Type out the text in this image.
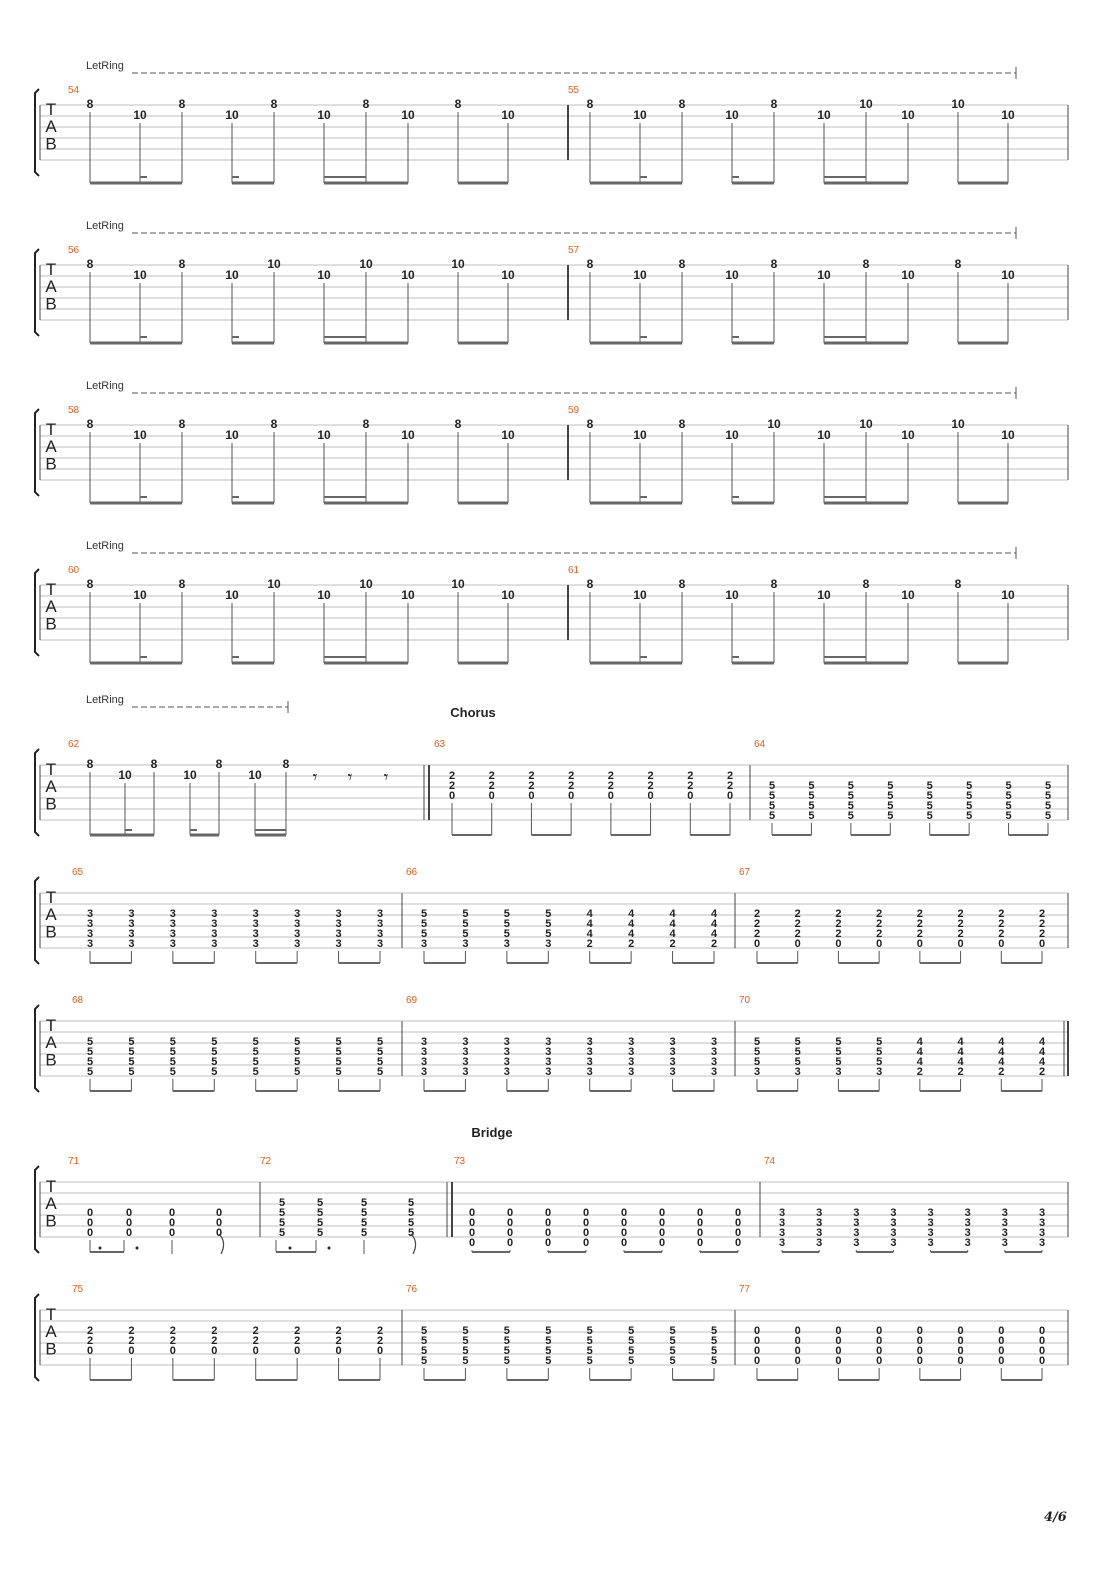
LetRing
T
A
B
54
8
10
8
10
8
10
8
10
8
10
55
8
10
8
10
8
10
10
10
10
10
LetRing
T
A
B
56
8
10
8
10
10
10
10
10
10
10
57
8
10
8
10
8
10
8
10
8
10
LetRing
T
A
B
58
8
10
8
10
8
10
8
10
8
10
59
8
10
8
10
10
10
10
10
10
10
LetRing
T
A
B
60
8
10
8
10
10
10
10
10
10
10
61
8
10
8
10
8
10
8
10
8
10
LetRing
Chorus
T
A
B
62
8
10
8
10
8
10
8
𝄾 𝄾 𝄾
63
2
2
0
2
2
0
2
2
0
2
2
0
2
2
0
2
2
0
2
2
0
2
2
0
64
5
5
5
5
5
5
5
5
5
5
5
5
5
5
5
5
5
5
5
5
5
5
5
5
5
5
5
5
5
5
5
5
T
A
B
65
3
3
3
3
3
3
3
3
3
3
3
3
3
3
3
3
3
3
3
3
3
3
3
3
3
3
3
3
3
3
3
3
66
5
5
5
3
5
5
5
3
5
5
5
3
5
5
5
3
4
4
4
2
4
4
4
2
4
4
4
2
4
4
4
2
67
2
2
2
0
2
2
2
0
2
2
2
0
2
2
2
0
2
2
2
0
2
2
2
0
2
2
2
0
2
2
2
0
T
A
B
68
5
5
5
5
5
5
5
5
5
5
5
5
5
5
5
5
5
5
5
5
5
5
5
5
5
5
5
5
5
5
5
5
69
3
3
3
3
3
3
3
3
3
3
3
3
3
3
3
3
3
3
3
3
3
3
3
3
3
3
3
3
3
3
3
3
70
5
5
5
3
5
5
5
3
5
5
5
3
5
5
5
3
4
4
4
2
4
4
4
2
4
4
4
2
4
4
4
2
Bridge
T
A
B
71
0
0
0
0
0
0
0
0
0
0
0
0
72
5
5
5
5
5
5
5
5
5
5
5
5
5
5
5
5
73
0
0
0
0
0
0
0
0
0
0
0
0
0
0
0
0
0
0
0
0
0
0
0
0
0
0
0
0
0
0
0
0
74
3
3
3
3
3
3
3
3
3
3
3
3
3
3
3
3
3
3
3
3
3
3
3
3
3
3
3
3
3
3
3
3
T
A
B
75
2
2
0
2
2
0
2
2
0
2
2
0
2
2
0
2
2
0
2
2
0
2
2
0
76
5
5
5
5
5
5
5
5
5
5
5
5
5
5
5
5
5
5
5
5
5
5
5
5
5
5
5
5
5
5
5
5
77
0
0
0
0
0
0
0
0
0
0
0
0
0
0
0
0
0
0
0
0
0
0
0
0
0
0
0
0
0
0
0
0
4/6
